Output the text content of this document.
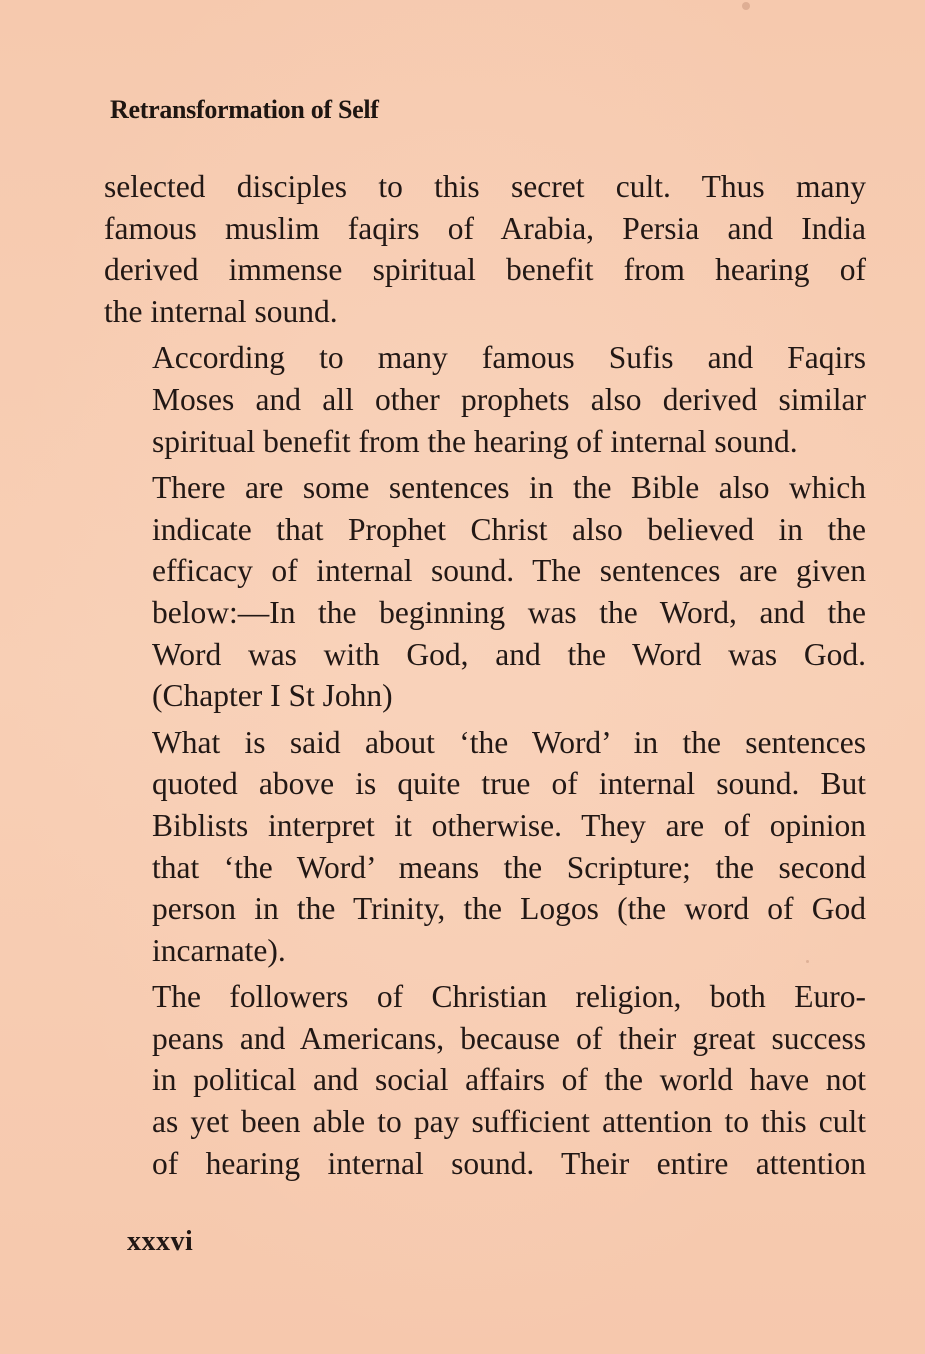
Retransformation of Self

selected disciples to this secret cult. Thus many
famous muslim faqirs of Arabia, Persia and India
derived immense spiritual benefit from hearing of
the internal sound.

According to many famous Sufis and Faqirs
Moses and all other prophets also derived similar
spiritual benefit from the hearing of internal sound.

There are some sentences in the Bible also which
indicate that Prophet Christ also believed in the
efficacy of internal sound. The sentences are given
below:—In the beginning was the Word, and the
Word was with God, and the Word was God.
(Chapter I St John)

What is said about ‘the Word’ in the sentences
quoted above is quite true of internal sound. But
Biblists interpret it otherwise. They are of opinion
that ‘the Word’ means the Scripture; the second
person in the Trinity, the Logos (the word of God
incarnate).

The followers of Christian religion, both Euro-
peans and Americans, because of their great success
in political and social affairs of the world have not
as yet been able to pay sufficient attention to this cult
of hearing internal sound. Their entire attention

xxxvi
